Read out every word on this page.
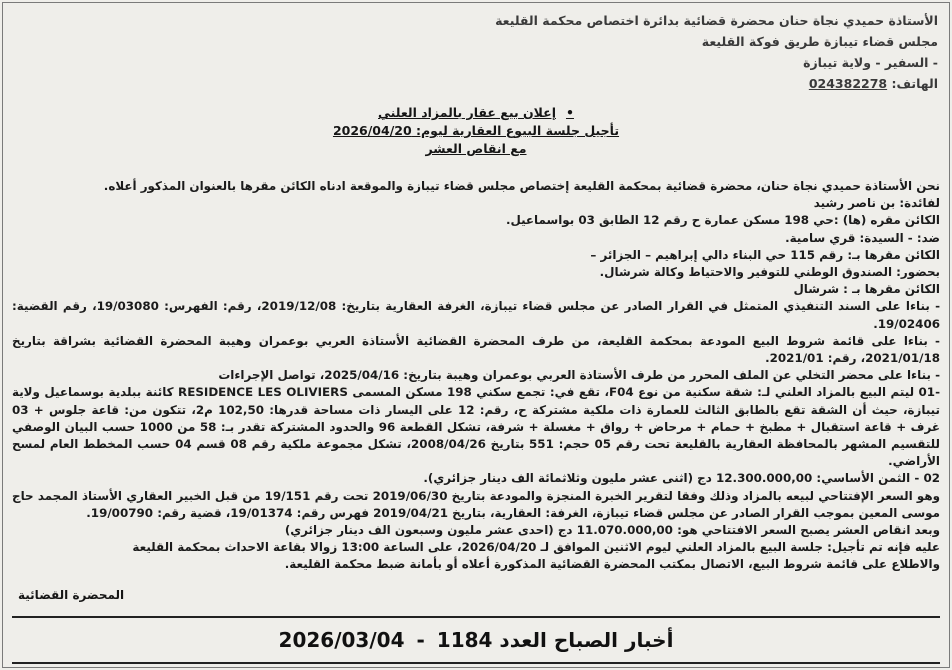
الأستاذة حميدي نجاة حنان محضرة قضائية بدائرة اختصاص محكمة القليعة
مجلس قضاء تيبازة طريق فوكة القليعة
- السفير - ولاية تيبازة
الهاتف: 024382278
•إعلان بيع عقار بالمزاد العلني
تأجيل جلسة البيوع العقارية ليوم: 2026/04/20
مع انقاص العشر
نحن الأستاذة حميدي نجاة حنان، محضرة قضائية بمحكمة القليعة إختصاص مجلس قضاء تيبازة والموقعة ادناه الكائن مقرها بالعنوان المذكور أعلاه.
لفائدة: بن ناصر رشيد
الكائن مقره (ها) :حي 198 مسكن عمارة ح رقم 12 الطابق 03 بواسماعيل.
ضد: - السيدة: قري سامية.
الكائن مقرها بـ: رقم 115 حي البناء دالي إبراهيم – الجزائر –
بحضور: الصندوق الوطني للتوفير والاحتياط وكالة شرشال.
الكائن مقرها بـ : شرشال
- بناءا على السند التنفيذي المتمثل في القرار الصادر عن مجلس قضاء تيبازة، الغرفة العقارية بتاريخ: 2019/12/08، رقم: الفهرس: 19/03080، رقم القضية: 19/02406.
- بناءا على قائمة شروط البيع المودعة بمحكمة القليعة، من طرف المحضرة القضائية الأستاذة العربي بوعمران وهيبة المحضرة القضائية بشراقة بتاريخ 2021/01/18، رقم: 2021/01.
- بناءا على محضر التخلي عن الملف المحرر من طرف الأستاذة العربي بوعمران وهيبة بتاريخ: 2025/04/16، تواصل الإجراءات
-01 ليتم البيع بالمزاد العلني لـ: شقة سكنية من نوع F04، تقع في: تجمع سكني 198 مسكن المسمى RESIDENCE LES OLIVIERS كائنة ببلدية بوسماعيل ولاية تيبازة، حيث أن الشقة تقع بالطابق الثالث للعمارة ذات ملكية مشتركة ح، رقم: 12 على اليسار ذات مساحة قدرها: 102,50 م2، تتكون من: قاعة جلوس + 03 غرف + قاعة استقبال + مطبخ + حمام + مرحاض + رواق + مغسلة + شرفة، تشكل القطعة 96 والحدود المشتركة تقدر بـ: 58 من 1000 حسب البيان الوصفي للتقسيم المشهر بالمحافظة العقارية بالقليعة تحت رقم 05 حجم: 551 بتاريخ 2008/04/26، تشكل مجموعة ملكية رقم 08 قسم 04 حسب المخطط العام لمسح الأراضي.
02 - الثمن الأساسي: 12.300.000,00 دج (اثنى عشر مليون وثلاثمائة الف دينار جزائري).
وهو السعر الإفتتاحي لبيعه بالمزاد وذلك وفقا لتقرير الخبرة المنجزة والمودعة بتاريخ 2019/06/30 تحت رقم 19/151 من قبل الخبير العقاري الأستاذ المجمد حاج موسى المعين بموجب القرار الصادر عن مجلس قضاء تيبازة، الغرفة: العقارية، بتاريخ 2019/04/21 فهرس رقم: 19/01374، قضية رقم: 19/00790.
وبعد انقاص العشر يصبح السعر الافتتاحي هو: 11.070.000,00 دج (احدى عشر مليون وسبعون الف دينار جزائري)
عليه فإنه تم تأجيل: جلسة البيع بالمزاد العلني ليوم الاثنين الموافق لـ 2026/04/20، على الساعة 13:00 زوالا بقاعة الاحداث بمحكمة القليعة
والاطلاع على قائمة شروط البيع، الاتصال بمكتب المحضرة القضائية المذكورة أعلاه أو بأمانة ضبط محكمة القليعة.
المحضرة القضائية
أخبار الصباح العدد 1184
-
2026/03/04
